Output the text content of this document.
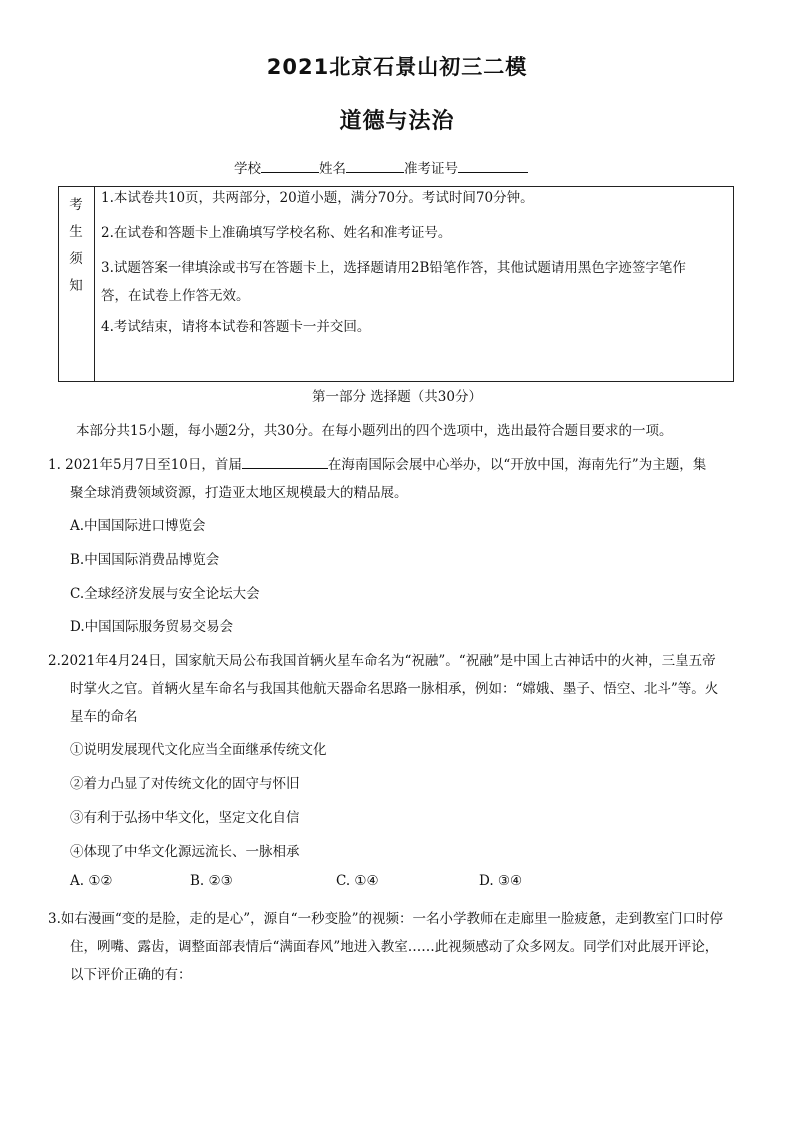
2021北京石景山初三二模
道德与法治
学校	姓名	准考证号
考
生
须
知
1.本试卷共10页，共两部分，20道小题，满分70分。考试时间70分钟。
2.在试卷和答题卡上准确填写学校名称、姓名和准考证号。
3.试题答案一律填涂或书写在答题卡上，选择题请用2B铅笔作答，其他试题请用黑色字迹签字笔作
答，在试卷上作答无效。
4.考试结束，请将本试卷和答题卡一并交回。
第一部分 选择题（共30分）
本部分共15小题，每小题2分，共30分。在每小题列出的四个选项中，选出最符合题目要求的一项。
1. 2021年5月7日至10日，首届	在海南国际会展中心举办，以“开放中国，海南先行”为主题，集
聚全球消费领域资源，打造亚太地区规模最大的精品展。
A.中国国际进口博览会
B.中国国际消费品博览会
C.全球经济发展与安全论坛大会
D.中国国际服务贸易交易会
2.2021年4月24日，国家航天局公布我国首辆火星车命名为“祝融”。“祝融”是中国上古神话中的火神，三皇五帝
时掌火之官。首辆火星车命名与我国其他航天器命名思路一脉相承，例如：“嫦娥、墨子、悟空、北斗”等。火
星车的命名
①说明发展现代文化应当全面继承传统文化
②着力凸显了对传统文化的固守与怀旧
③有利于弘扬中华文化，坚定文化自信
④体现了中华文化源远流长、一脉相承
A. ①②	B. ②③	C. ①④	D. ③④
3.如右漫画“变的是脸，走的是心”，源自“一秒变脸”的视频：一名小学教师在走廊里一脸疲惫，走到教室门口时停
住，咧嘴、露齿，调整面部表情后“满面春风”地进入教室……此视频感动了众多网友。同学们对此展开评论，
以下评价正确的有：
